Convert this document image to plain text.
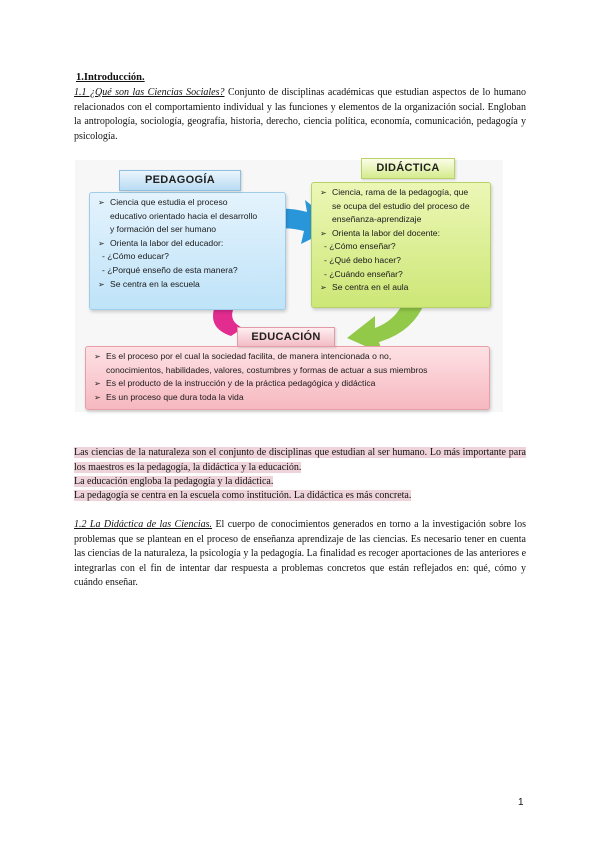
1.Introducción.
1.1 ¿Qué son las Ciencias Sociales? Conjunto de disciplinas académicas que estudian aspectos de lo humano relacionados con el comportamiento individual y las funciones y elementos de la organización social. Engloban la antropología, sociología, geografía, historia, derecho, ciencia política, economía, comunicación, pedagogía y psicología.
➢ Ciencia que estudia el proceso
educativo orientado hacia el desarrollo
y formación del ser humano
➢ Orienta la labor del educador:
- ¿Cómo educar?
- ¿Porqué enseño de esta manera?
➢ Se centra en la escuela
➢ Ciencia, rama de la pedagogía, que
se ocupa del estudio del proceso de
enseñanza-aprendizaje
➢ Orienta la labor del docente:
- ¿Cómo enseñar?
- ¿Qué debo hacer?
- ¿Cuándo enseñar?
➢ Se centra en el aula
➢ Es el proceso por el cual la sociedad facilita, de manera intencionada o no,
conocimientos, habilidades, valores, costumbres y formas de actuar a sus miembros
➢ Es el producto de la instrucción y de la práctica pedagógica y didáctica
➢ Es un proceso que dura toda la vida
PEDAGOGÍA
DIDÁCTICA
EDUCACIÓN
Las ciencias de la naturaleza son el conjunto de disciplinas que estudian al ser humano. Lo más importante para los maestros es la pedagogía, la didáctica y la educación.
La educación engloba la pedagogía y la didáctica.
La pedagogía se centra en la escuela como institución. La didáctica es más concreta.
1.2 La Didáctica de las Ciencias. El cuerpo de conocimientos generados en torno a la investigación sobre los problemas que se plantean en el proceso de enseñanza aprendizaje de las ciencias. Es necesario tener en cuenta las ciencias de la naturaleza, la psicología y la pedagogía. La finalidad es recoger aportaciones de las anteriores e integrarlas con el fin de intentar dar respuesta a problemas concretos que están reflejados en: qué, cómo y cuándo enseñar.
1
